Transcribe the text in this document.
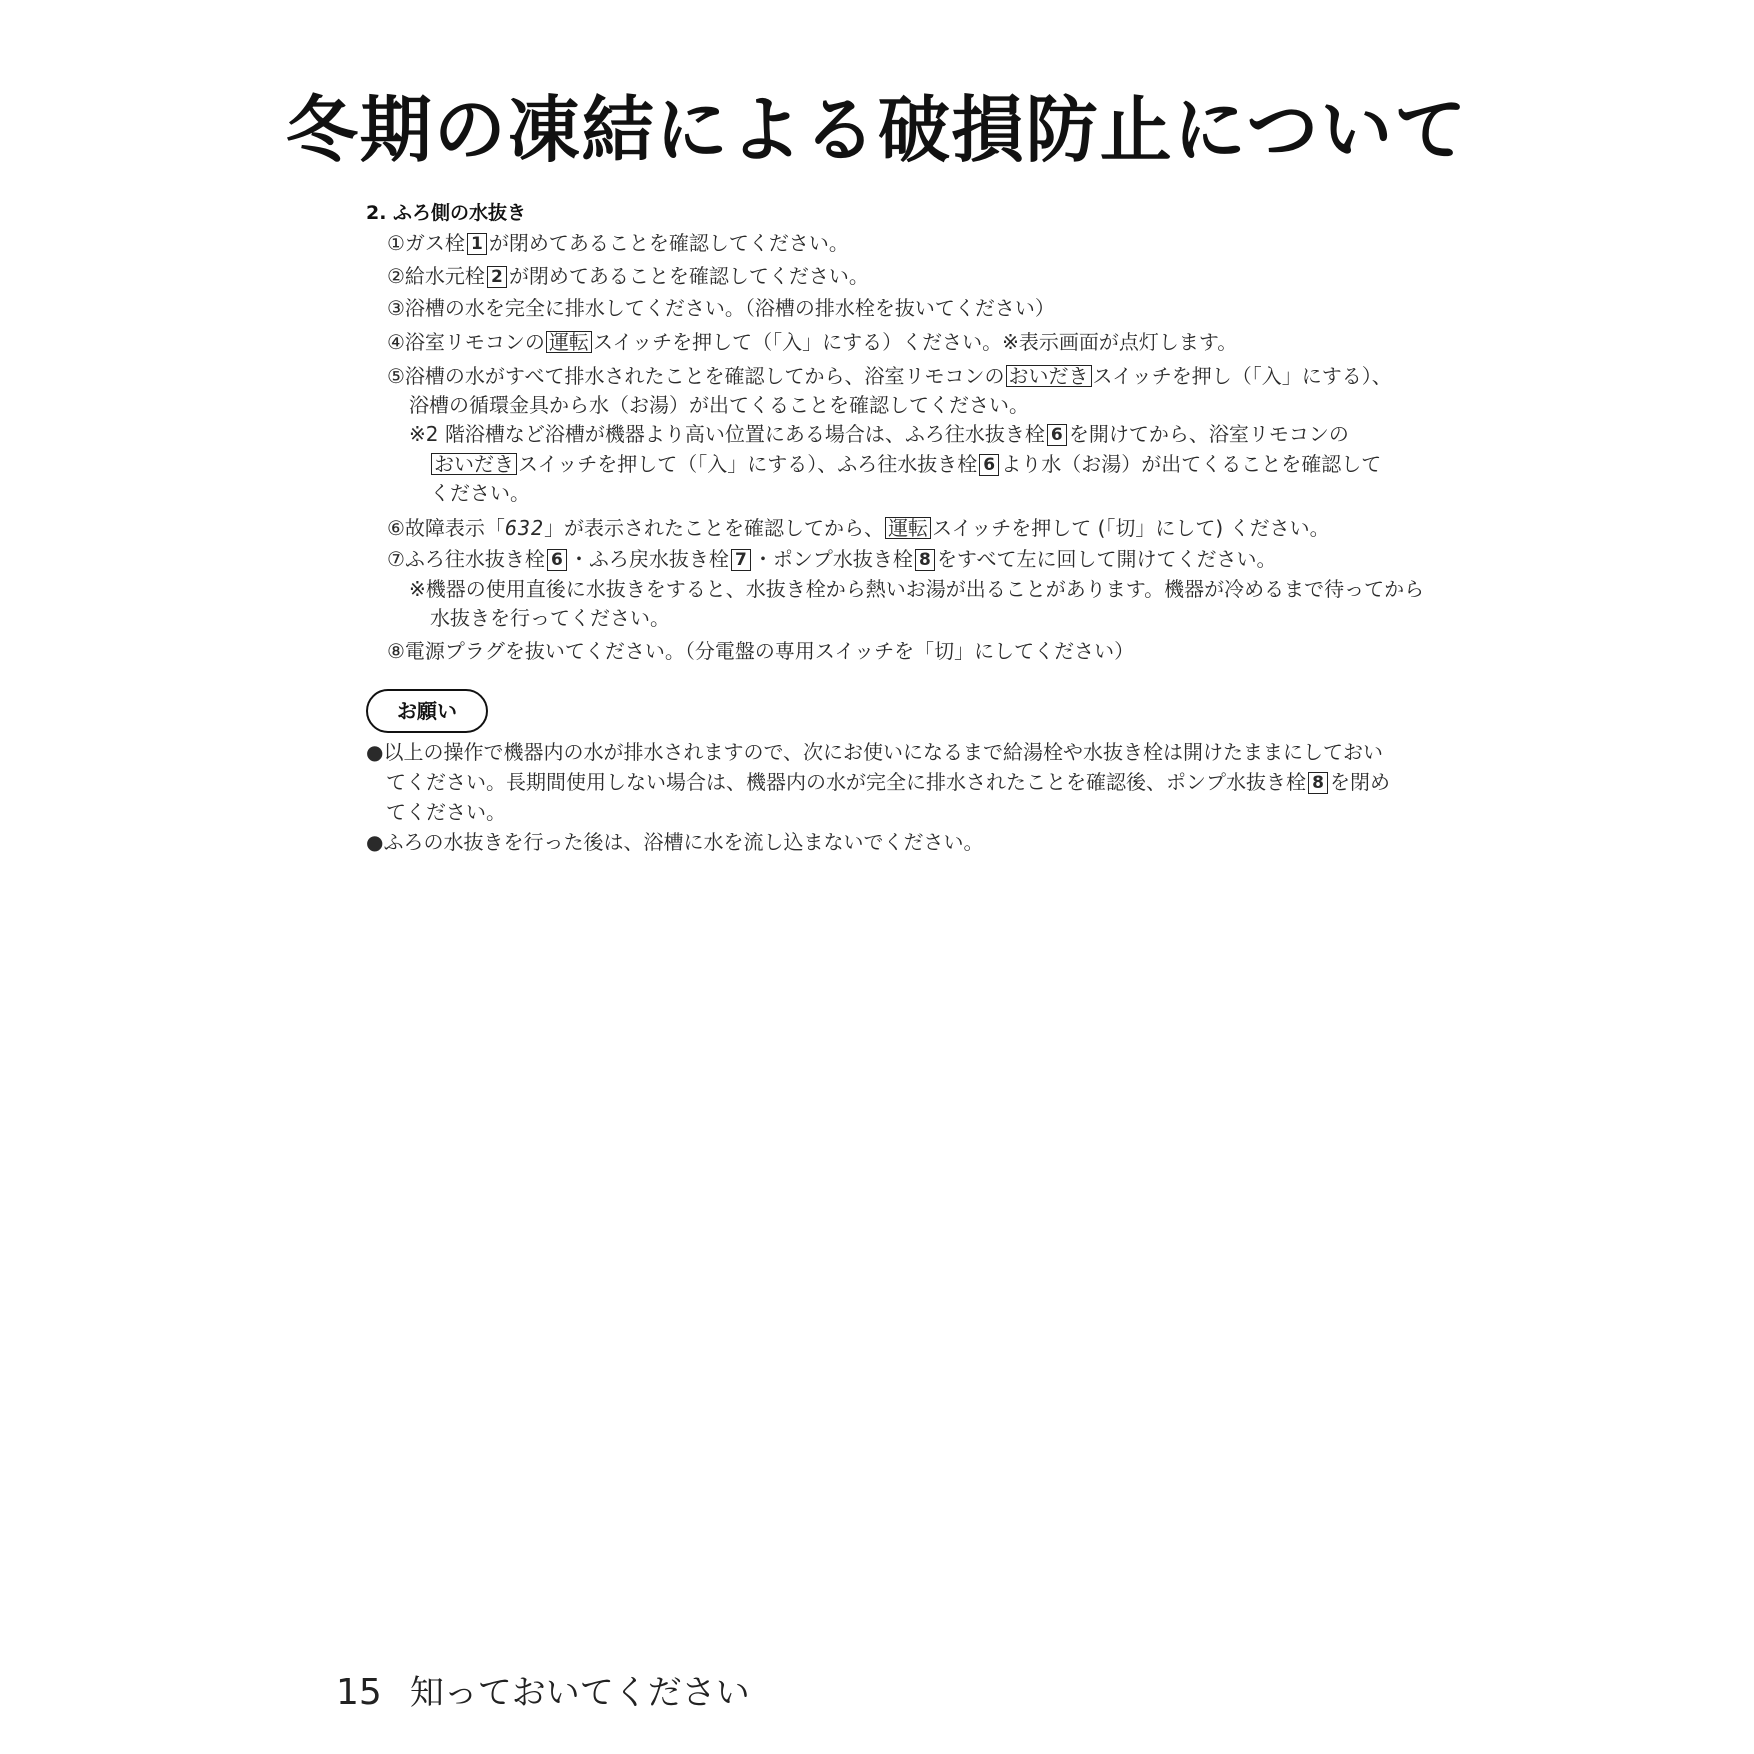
冬期の凍結による破損防止について
2. ふろ側の水抜き
①ガス栓 1 が閉めてあることを確認してください。
②給水元栓 2 が閉めてあることを確認してください。
③浴槽の水を完全に排水してください。（浴槽の排水栓を抜いてください）
④浴室リモコンの 運転 スイッチを押して（「入」にする）ください。※表示画面が点灯します。
⑤浴槽の水がすべて排水されたことを確認してから、浴室リモコンの おいだき スイッチを押し（「入」にする）、
浴槽の循環金具から水（お湯）が出てくることを確認してください。
※2 階浴槽など浴槽が機器より高い位置にある場合は、ふろ往水抜き栓 6 を開けてから、浴室リモコンの
おいだき スイッチを押して（「入」にする）、ふろ往水抜き栓 6 より水（お湯）が出てくることを確認して
ください。
⑥故障表示「632」が表示されたことを確認してから、 運転 スイッチを押して (「切」にして) ください。
⑦ふろ往水抜き栓 6 ・ふろ戻水抜き栓 7 ・ポンプ水抜き栓 8 をすべて左に回して開けてください。
※機器の使用直後に水抜きをすると、水抜き栓から熱いお湯が出ることがあります。機器が冷めるまで待ってから
水抜きを行ってください。
⑧電源プラグを抜いてください。（分電盤の専用スイッチを「切」にしてください）
お願い
●以上の操作で機器内の水が排水されますので、次にお使いになるまで給湯栓や水抜き栓は開けたままにしておい
てください。長期間使用しない場合は、機器内の水が完全に排水されたことを確認後、ポンプ水抜き栓 8 を閉め
てください。
●ふろの水抜きを行った後は、浴槽に水を流し込まないでください。
15 知っておいてください
